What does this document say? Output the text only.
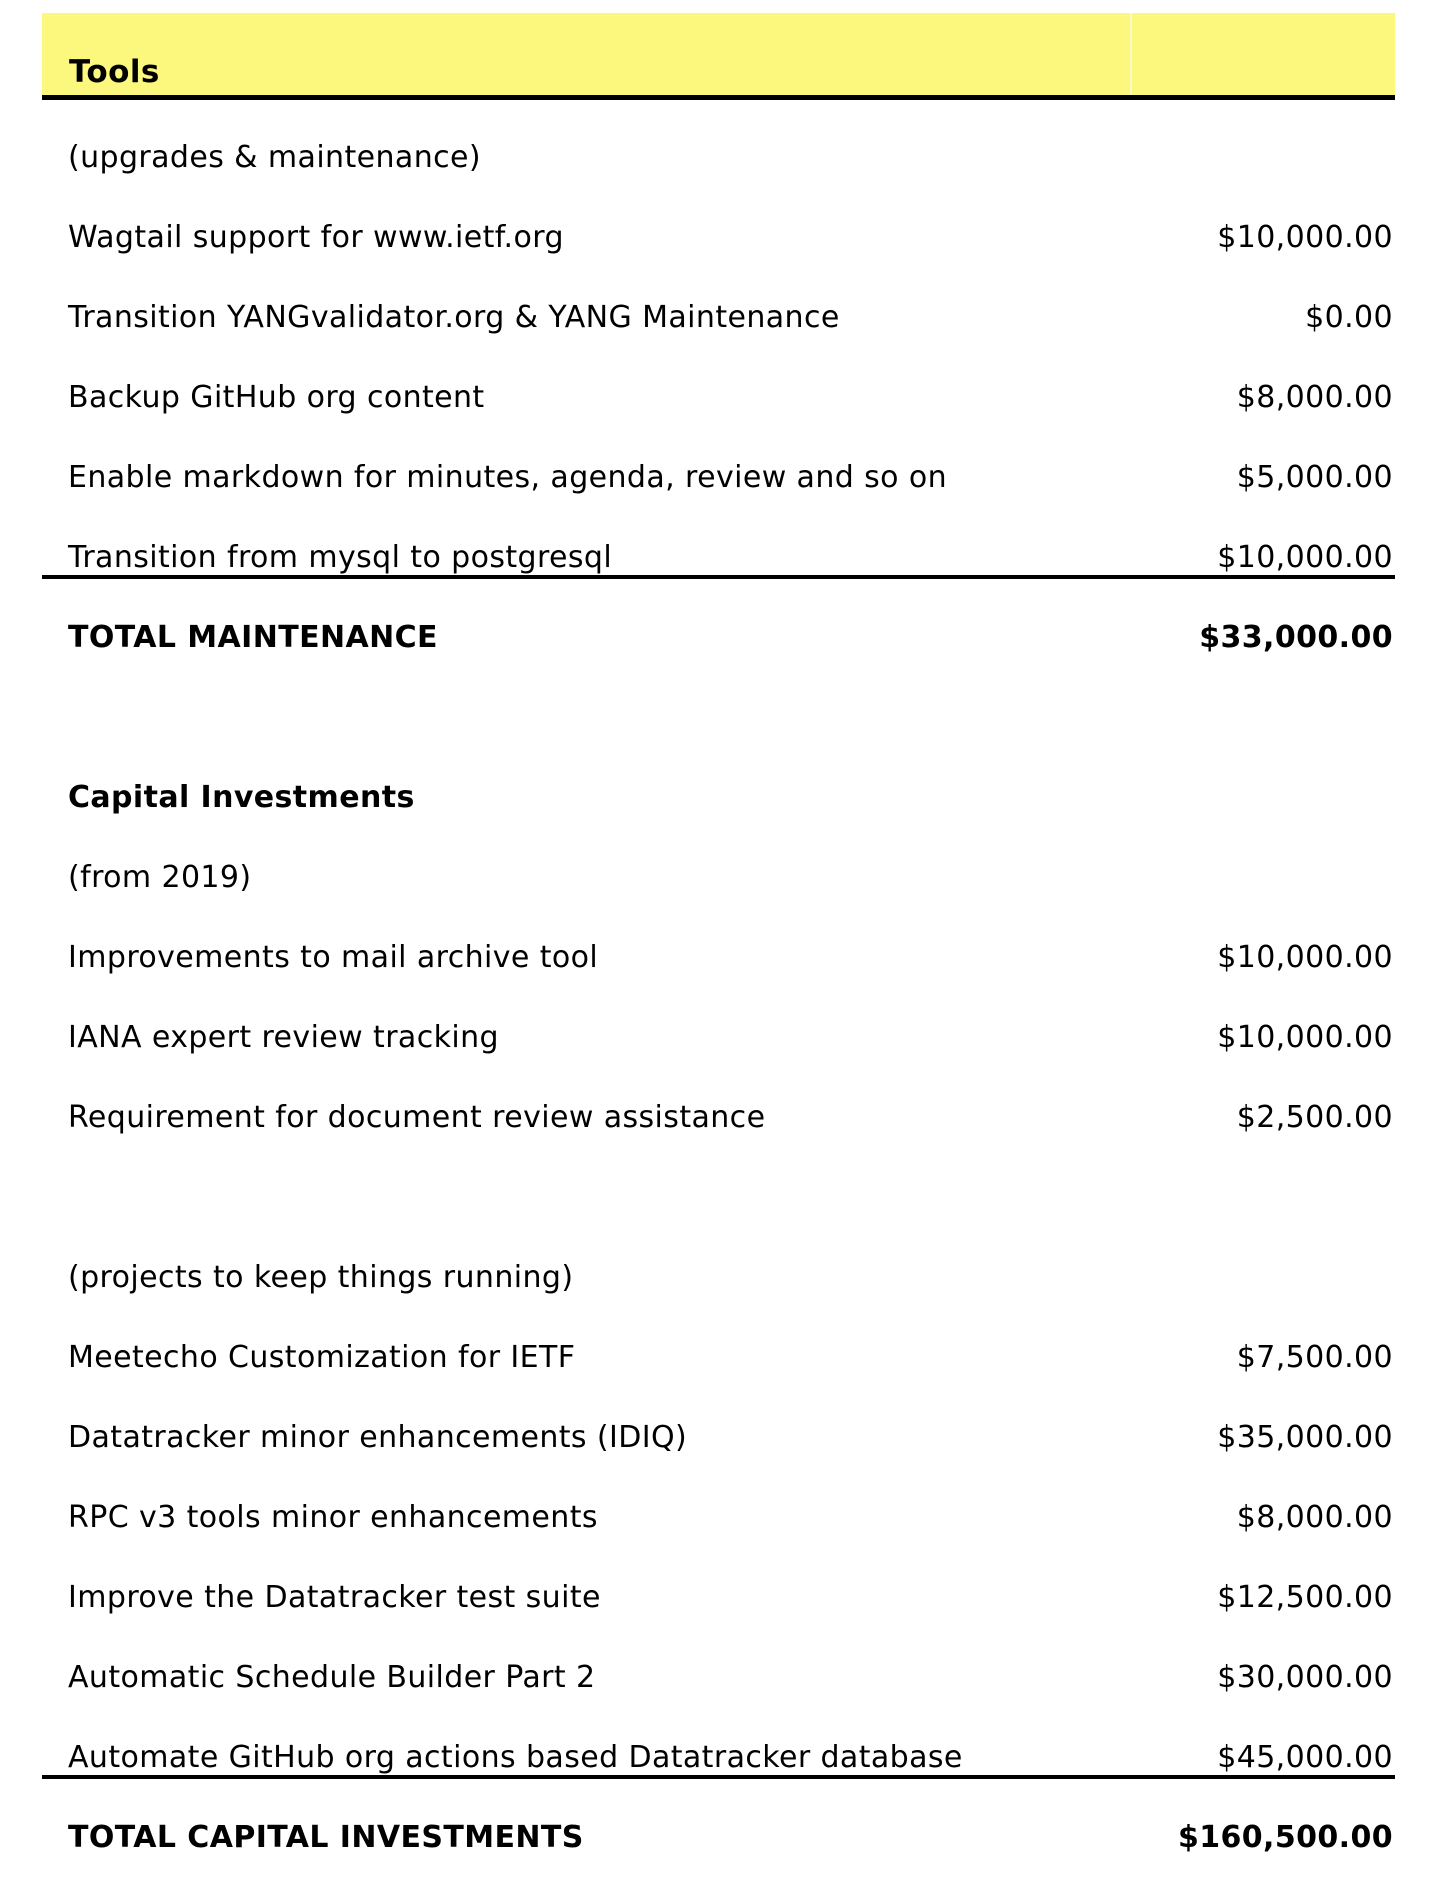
Tools
(upgrades & maintenance)
Wagtail support for www.ietf.org	$10,000.00
Transition YANGvalidator.org & YANG Maintenance	$0.00
Backup GitHub org content	$8,000.00
Enable markdown for minutes, agenda, review and so on	$5,000.00
Transition from mysql to postgresql	$10,000.00
TOTAL MAINTENANCE	$33,000.00
Capital Investments
(from 2019)
Improvements to mail archive tool	$10,000.00
IANA expert review tracking	$10,000.00
Requirement for document review assistance	$2,500.00
(projects to keep things running)
Meetecho Customization for IETF	$7,500.00
Datatracker minor enhancements (IDIQ)	$35,000.00
RPC v3 tools minor enhancements	$8,000.00
Improve the Datatracker test suite	$12,500.00
Automatic Schedule Builder Part 2	$30,000.00
Automate GitHub org actions based Datatracker database	$45,000.00
TOTAL CAPITAL INVESTMENTS	$160,500.00
